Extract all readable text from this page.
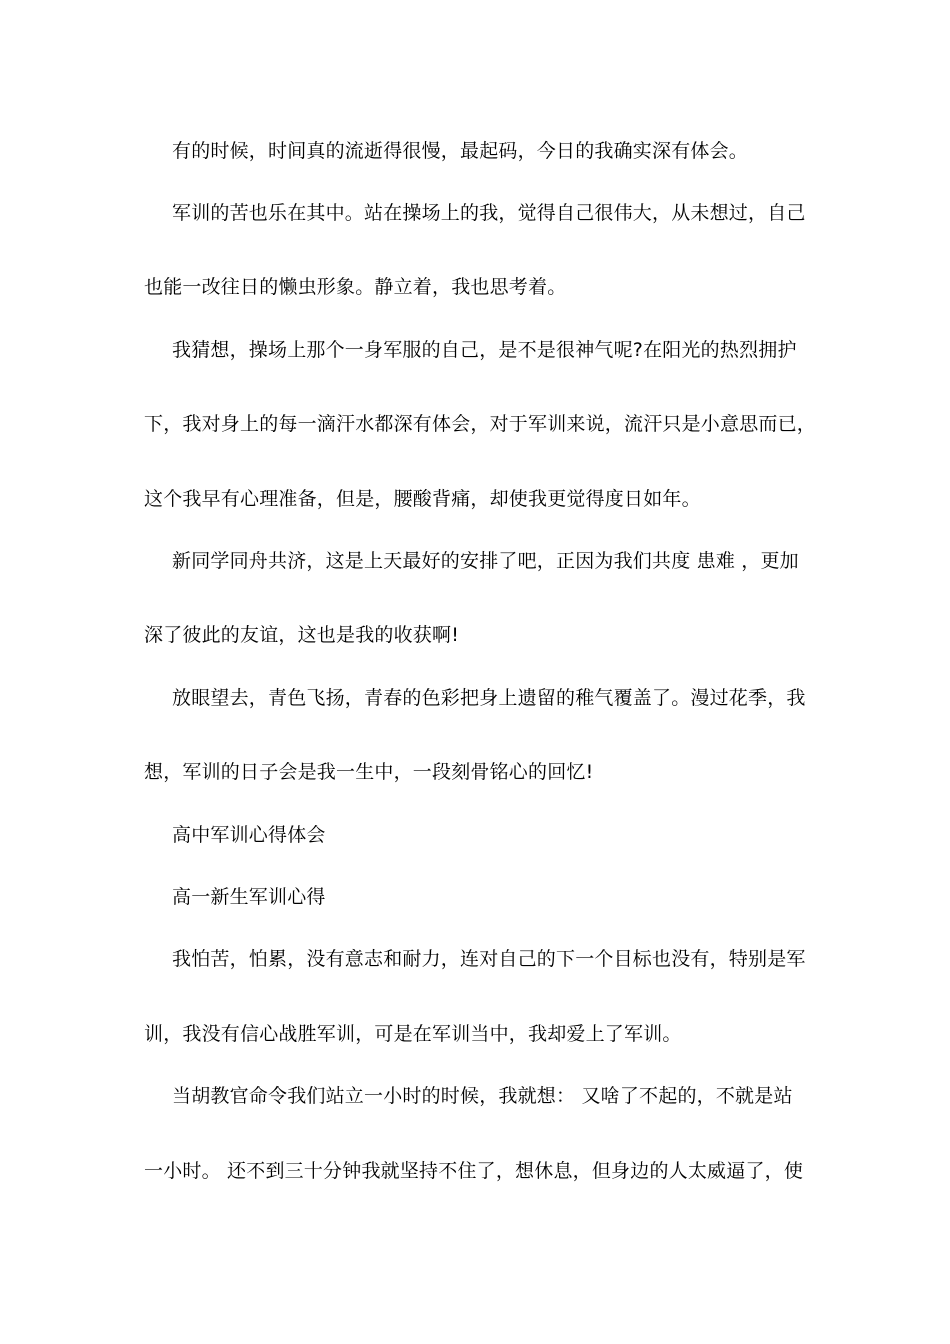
有的时候，时间真的流逝得很慢，最起码，今日的我确实深有体会。
军训的苦也乐在其中。站在操场上的我，觉得自己很伟大，从未想过，自己
也能一改往日的懒虫形象。静立着，我也思考着。
我猜想，操场上那个一身军服的自己，是不是很神气呢?在阳光的热烈拥护
下，我对身上的每一滴汗水都深有体会，对于军训来说，流汗只是小意思而已，
这个我早有心理准备，但是，腰酸背痛，却使我更觉得度日如年。
新同学同舟共济，这是上天最好的安排了吧，正因为我们共度 患难 ，更加
深了彼此的友谊，这也是我的收获啊!
放眼望去，青色飞扬，青春的色彩把身上遗留的稚气覆盖了。漫过花季，我
想，军训的日子会是我一生中，一段刻骨铭心的回忆!
高中军训心得体会
高一新生军训心得
我怕苦，怕累，没有意志和耐力，连对自己的下一个目标也没有，特别是军
训，我没有信心战胜军训，可是在军训当中，我却爱上了军训。
当胡教官命令我们站立一小时的时候，我就想： 又啥了不起的，不就是站
一小时。 还不到三十分钟我就坚持不住了，想休息，但身边的人太威逼了，使
